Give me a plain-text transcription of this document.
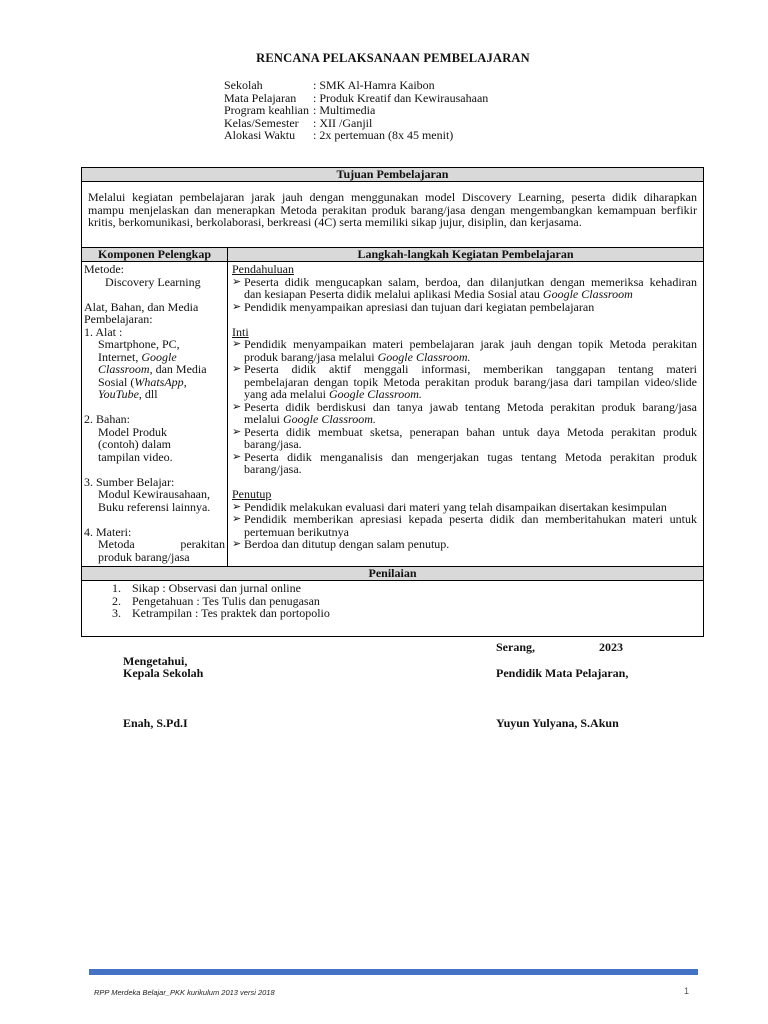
RENCANA PELAKSANAAN PEMBELAJARAN
Sekolah	: SMK Al-Hamra Kaibon
Mata Pelajaran	: Produk Kreatif dan Kewirausahaan
Program keahlian : Multimedia
Kelas/Semester	: XII /Ganjil
Alokasi Waktu	: 2x pertemuan (8x 45 menit)
Tujuan Pembelajaran
Melalui kegiatan pembelajaran jarak jauh dengan menggunakan model Discovery Learning, peserta didik diharapkan
mampu menjelaskan dan menerapkan Metoda perakitan produk barang/jasa dengan mengembangkan kemampuan berfikir
kritis, berkomunikasi, berkolaborasi, berkreasi (4C) serta memiliki sikap jujur, disiplin, dan kerjasama.
Komponen Pelengkap	Langkah-langkah Kegiatan Pembelajaran
Metode:
Discovery Learning
Alat, Bahan, dan Media
Pembelajaran:
1. Alat :
Smartphone, PC,
Internet, Google
Classroom, dan Media
Sosial (WhatsApp,
YouTube, dll
2. Bahan:
Model Produk
(contoh) dalam
tampilan video.
3. Sumber Belajar:
Modul Kewirausahaan,
Buku referensi lainnya.
4. Materi:
Metoda perakitan
produk barang/jasa
Pendahuluan
➢ Peserta didik mengucapkan salam, berdoa, dan dilanjutkan dengan memeriksa kehadiran
dan kesiapan Peserta didik melalui aplikasi Media Sosial atau Google Classroom
➢ Pendidik menyampaikan apresiasi dan tujuan dari kegiatan pembelajaran
Inti
➢ Pendidik menyampaikan materi pembelajaran jarak jauh dengan topik Metoda perakitan
produk barang/jasa melalui Google Classroom.
➢ Peserta didik aktif menggali informasi, memberikan tanggapan tentang materi
pembelajaran dengan topik Metoda perakitan produk barang/jasa dari tampilan video/slide
yang ada melalui Google Classroom.
➢ Peserta didik berdiskusi dan tanya jawab tentang Metoda perakitan produk barang/jasa
melalui Google Classroom.
➢ Peserta didik membuat sketsa, penerapan bahan untuk daya Metoda perakitan produk
barang/jasa.
➢ Peserta didik menganalisis dan mengerjakan tugas tentang Metoda perakitan produk
barang/jasa.
Penutup
➢ Pendidik melakukan evaluasi dari materi yang telah disampaikan disertakan kesimpulan
➢ Pendidik memberikan apresiasi kepada peserta didik dan memberitahukan materi untuk
pertemuan berikutnya
➢ Berdoa dan ditutup dengan salam penutup.
Penilaian
1. Sikap : Observasi dan jurnal online
2. Pengetahuan : Tes Tulis dan penugasan
3. Ketrampilan : Tes praktek dan portopolio
Serang,	2023
Mengetahui,
Kepala Sekolah	Pendidik Mata Pelajaran,
Enah, S.Pd.I	Yuyun Yulyana, S.Akun
RPP Merdeka Belajar_PKK kurikulum 2013 versi 2018	1
